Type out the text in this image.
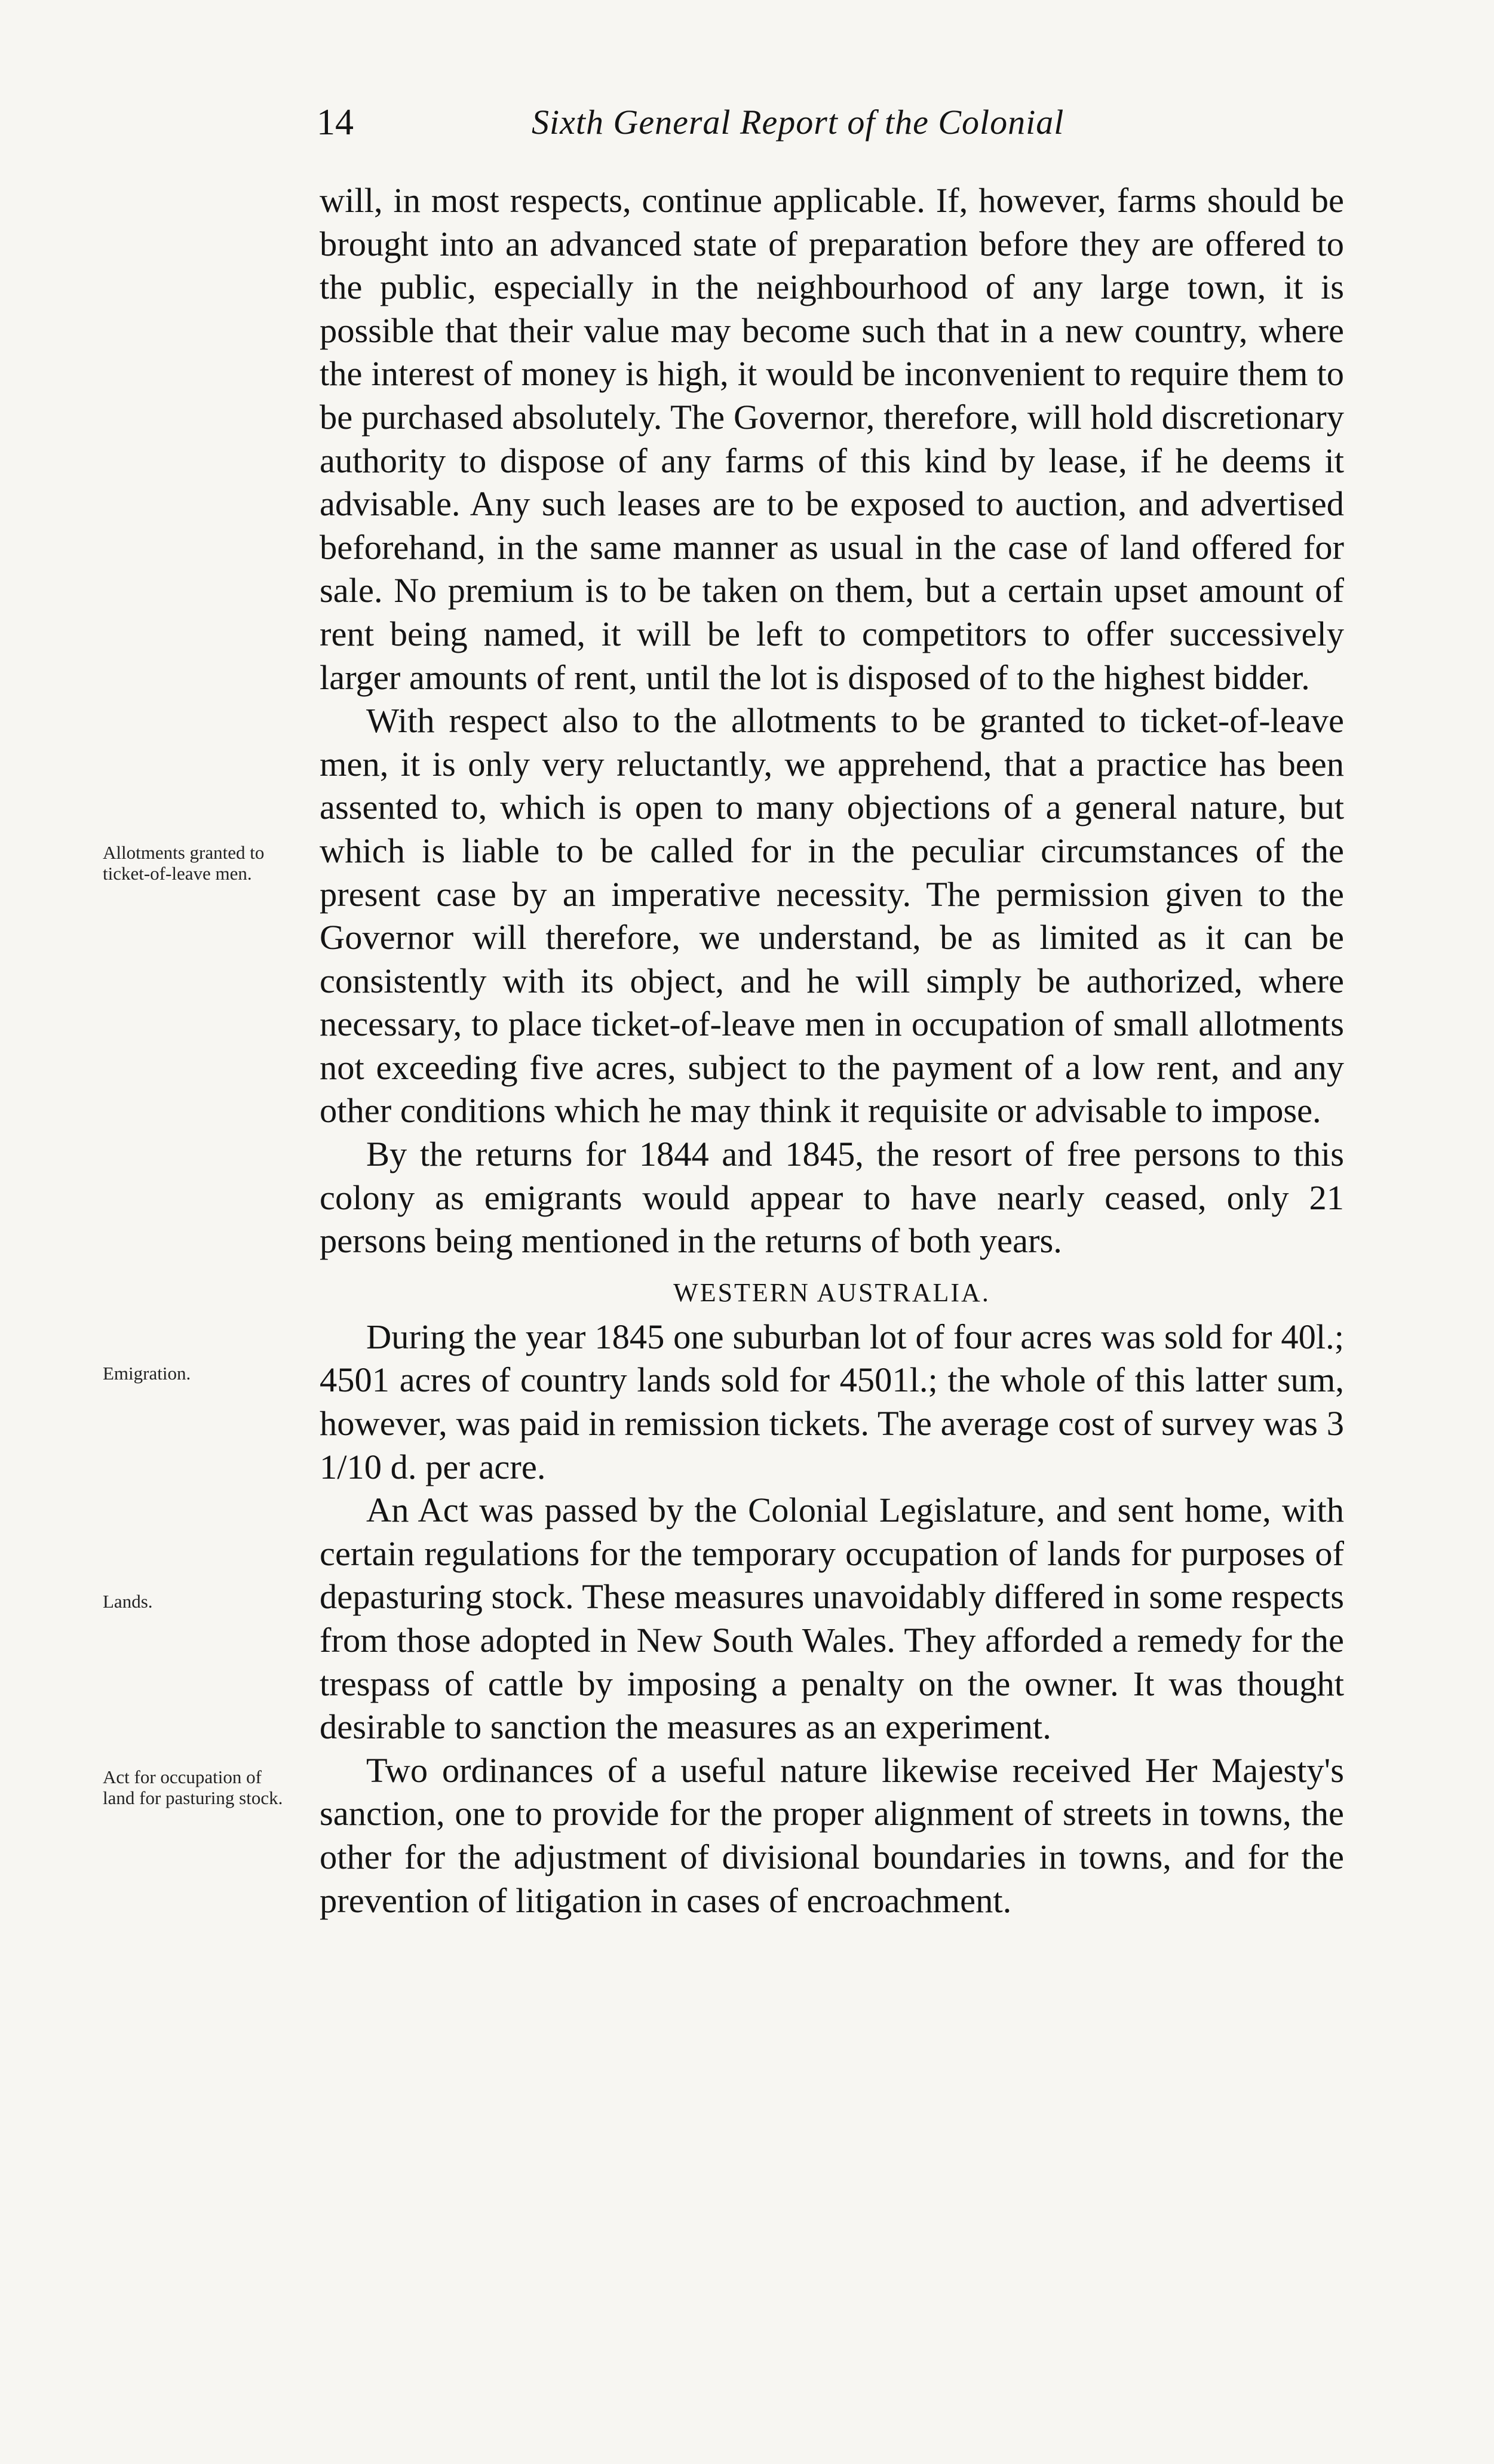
14	Sixth General Report of the Colonial
Allotments granted to ticket-of-leave men.
Emigration.
Lands.
Act for occupation of land for pasturing stock.

will, in most respects, continue applicable. If, however, farms should be brought into an advanced state of preparation before they are offered to the public, especially in the neighbourhood of any large town, it is possible that their value may become such that in a new country, where the interest of money is high, it would be inconvenient to require them to be purchased absolutely. The Governor, therefore, will hold discretionary authority to dispose of any farms of this kind by lease, if he deems it advisable. Any such leases are to be exposed to auction, and advertised beforehand, in the same manner as usual in the case of land offered for sale. No premium is to be taken on them, but a certain upset amount of rent being named, it will be left to competitors to offer successively larger amounts of rent, until the lot is disposed of to the highest bidder.

With respect also to the allotments to be granted to ticket-of-leave men, it is only very reluctantly, we apprehend, that a practice has been assented to, which is open to many objections of a general nature, but which is liable to be called for in the peculiar circumstances of the present case by an imperative necessity. The permission given to the Governor will therefore, we understand, be as limited as it can be consistently with its object, and he will simply be authorized, where necessary, to place ticket-of-leave men in occupation of small allotments not exceeding five acres, subject to the payment of a low rent, and any other conditions which he may think it requisite or advisable to impose.

By the returns for 1844 and 1845, the resort of free persons to this colony as emigrants would appear to have nearly ceased, only 21 persons being mentioned in the returns of both years.

WESTERN AUSTRALIA.

During the year 1845 one suburban lot of four acres was sold for 40l.; 4501 acres of country lands sold for 4501l.; the whole of this latter sum, however, was paid in remission tickets. The average cost of survey was 3 1/10 d. per acre.

An Act was passed by the Colonial Legislature, and sent home, with certain regulations for the temporary occupation of lands for purposes of depasturing stock. These measures unavoidably differed in some respects from those adopted in New South Wales. They afforded a remedy for the trespass of cattle by imposing a penalty on the owner. It was thought desirable to sanction the measures as an experiment.

Two ordinances of a useful nature likewise received Her Majesty's sanction, one to provide for the proper alignment of streets in towns, the other for the adjustment of divisional boundaries in towns, and for the prevention of litigation in cases of encroachment.
